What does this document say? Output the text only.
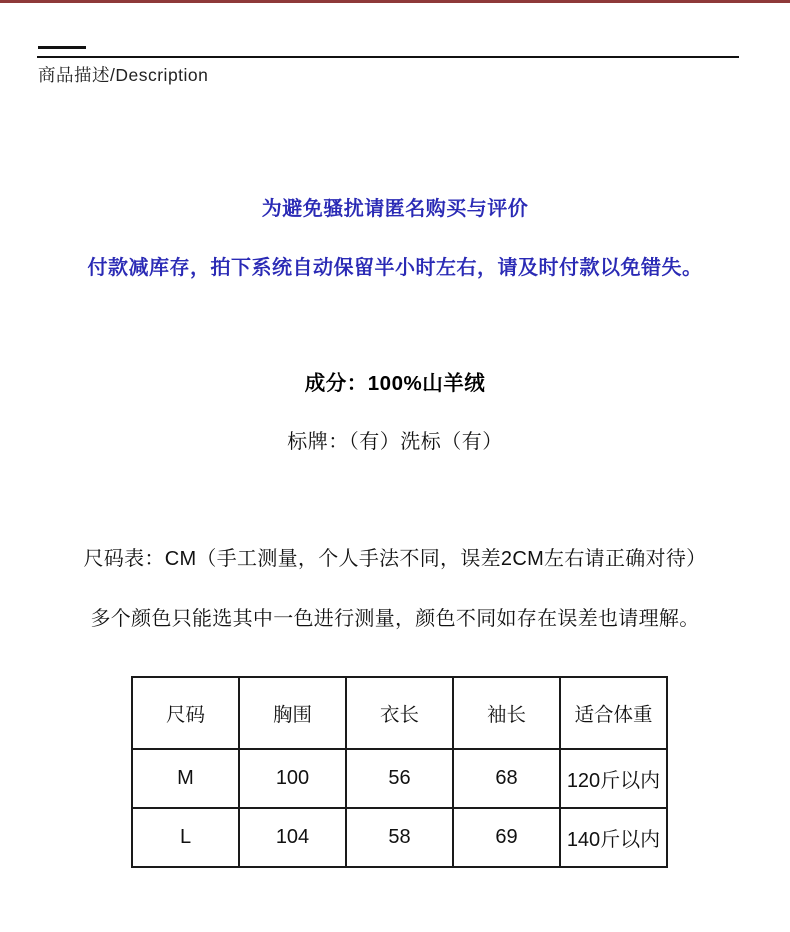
商品描述/Description
为避免骚扰请匿名购买与评价
付款减库存，拍下系统自动保留半小时左右，请及时付款以免错失。
成分：100%山羊绒
标牌：（有）洗标（有）
尺码表：CM（手工测量，个人手法不同，误差2CM左右请正确对待）
多个颜色只能选其中一色进行测量，颜色不同如存在误差也请理解。
尺码	胸围	衣长	袖长	适合体重
M	100	56	68	120斤以内
L	104	58	69	140斤以内
